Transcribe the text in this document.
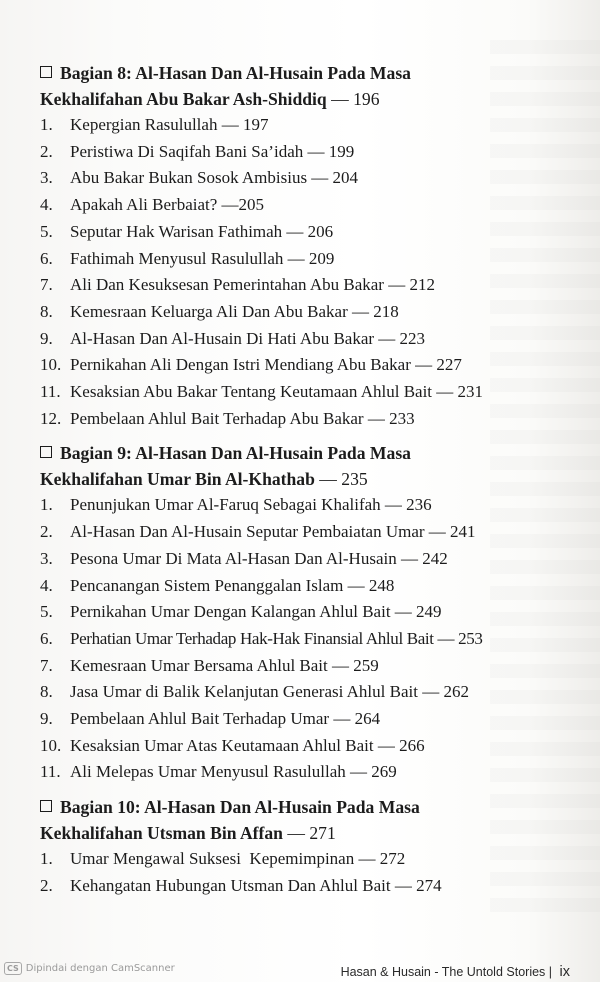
Bagian 8: Al-Hasan Dan Al-Husain Pada Masa
Kekhalifahan Abu Bakar Ash-Shiddiq — 196
1.	Kepergian Rasulullah — 197
2.	Peristiwa Di Saqifah Bani Sa’idah — 199
3.	Abu Bakar Bukan Sosok Ambisius — 204
4.	Apakah Ali Berbaiat? —205
5.	Seputar Hak Warisan Fathimah — 206
6.	Fathimah Menyusul Rasulullah — 209
7.	Ali Dan Kesuksesan Pemerintahan Abu Bakar — 212
8.	Kemesraan Keluarga Ali Dan Abu Bakar — 218
9.	Al-Hasan Dan Al-Husain Di Hati Abu Bakar — 223
10. Pernikahan Ali Dengan Istri Mendiang Abu Bakar — 227
11. Kesaksian Abu Bakar Tentang Keutamaan Ahlul Bait — 231
12. Pembelaan Ahlul Bait Terhadap Abu Bakar — 233
Bagian 9: Al-Hasan Dan Al-Husain Pada Masa
Kekhalifahan Umar Bin Al-Khathab — 235
1.	Penunjukan Umar Al-Faruq Sebagai Khalifah — 236
2.	Al-Hasan Dan Al-Husain Seputar Pembaiatan Umar — 241
3.	Pesona Umar Di Mata Al-Hasan Dan Al-Husain — 242
4.	Pencanangan Sistem Penanggalan Islam — 248
5.	Pernikahan Umar Dengan Kalangan Ahlul Bait — 249
6.	Perhatian Umar Terhadap Hak-Hak Finansial Ahlul Bait — 253
7.	Kemesraan Umar Bersama Ahlul Bait — 259
8.	Jasa Umar di Balik Kelanjutan Generasi Ahlul Bait — 262
9.	Pembelaan Ahlul Bait Terhadap Umar — 264
10. Kesaksian Umar Atas Keutamaan Ahlul Bait — 266
11. Ali Melepas Umar Menyusul Rasulullah — 269
Bagian 10: Al-Hasan Dan Al-Husain Pada Masa
Kekhalifahan Utsman Bin Affan — 271
1.	Umar Mengawal Suksesi  Kepemimpinan — 272
2.	Kehangatan Hubungan Utsman Dan Ahlul Bait — 274
Hasan & Husain - The Untold Stories | ix
CS Dipindai dengan CamScanner
